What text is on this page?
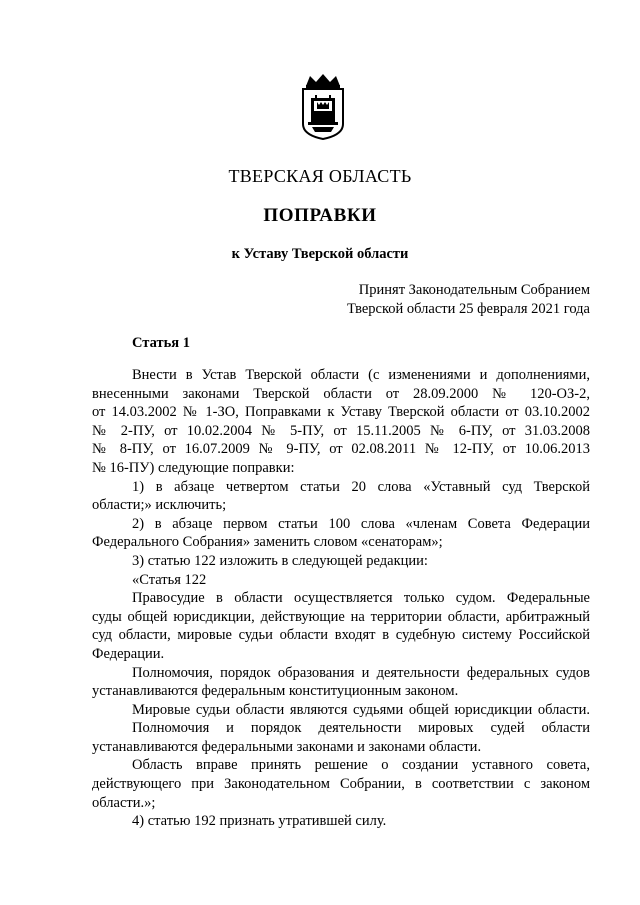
ТВЕРСКАЯ ОБЛАСТЬ
ПОПРАВКИ
к Уставу Тверской области
Принят Законодательным Собранием
Тверской области 25 февраля 2021 года
Статья 1
Внести в Устав Тверской области (с изменениями и дополнениями,
внесенными законами Тверской области от 28.09.2000 № 120-ОЗ-2,
от 14.03.2002 № 1-ЗО, Поправками к Уставу Тверской области от 03.10.2002
№ 2-ПУ, от 10.02.2004 № 5-ПУ, от 15.11.2005 № 6-ПУ, от 31.03.2008
№ 8-ПУ, от 16.07.2009 № 9-ПУ, от 02.08.2011 № 12-ПУ, от 10.06.2013
№ 16-ПУ) следующие поправки:
1) в абзаце четвертом статьи 20 слова «Уставный суд Тверской
области;» исключить;
2) в абзаце первом статьи 100 слова «членам Совета Федерации
Федерального Собрания» заменить словом «сенаторам»;
3) статью 122 изложить в следующей редакции:
«Статья 122
Правосудие в области осуществляется только судом. Федеральные
суды общей юрисдикции, действующие на территории области, арбитражный
суд области, мировые судьи области входят в судебную систему Российской
Федерации.
Полномочия, порядок образования и деятельности федеральных судов
устанавливаются федеральным конституционным законом.
Мировые судьи области являются судьями общей юрисдикции области.
Полномочия и порядок деятельности мировых судей области
устанавливаются федеральными законами и законами области.
Область вправе принять решение о создании уставного совета,
действующего при Законодательном Собрании, в соответствии с законом
области.»;
4) статью 192 признать утратившей силу.
